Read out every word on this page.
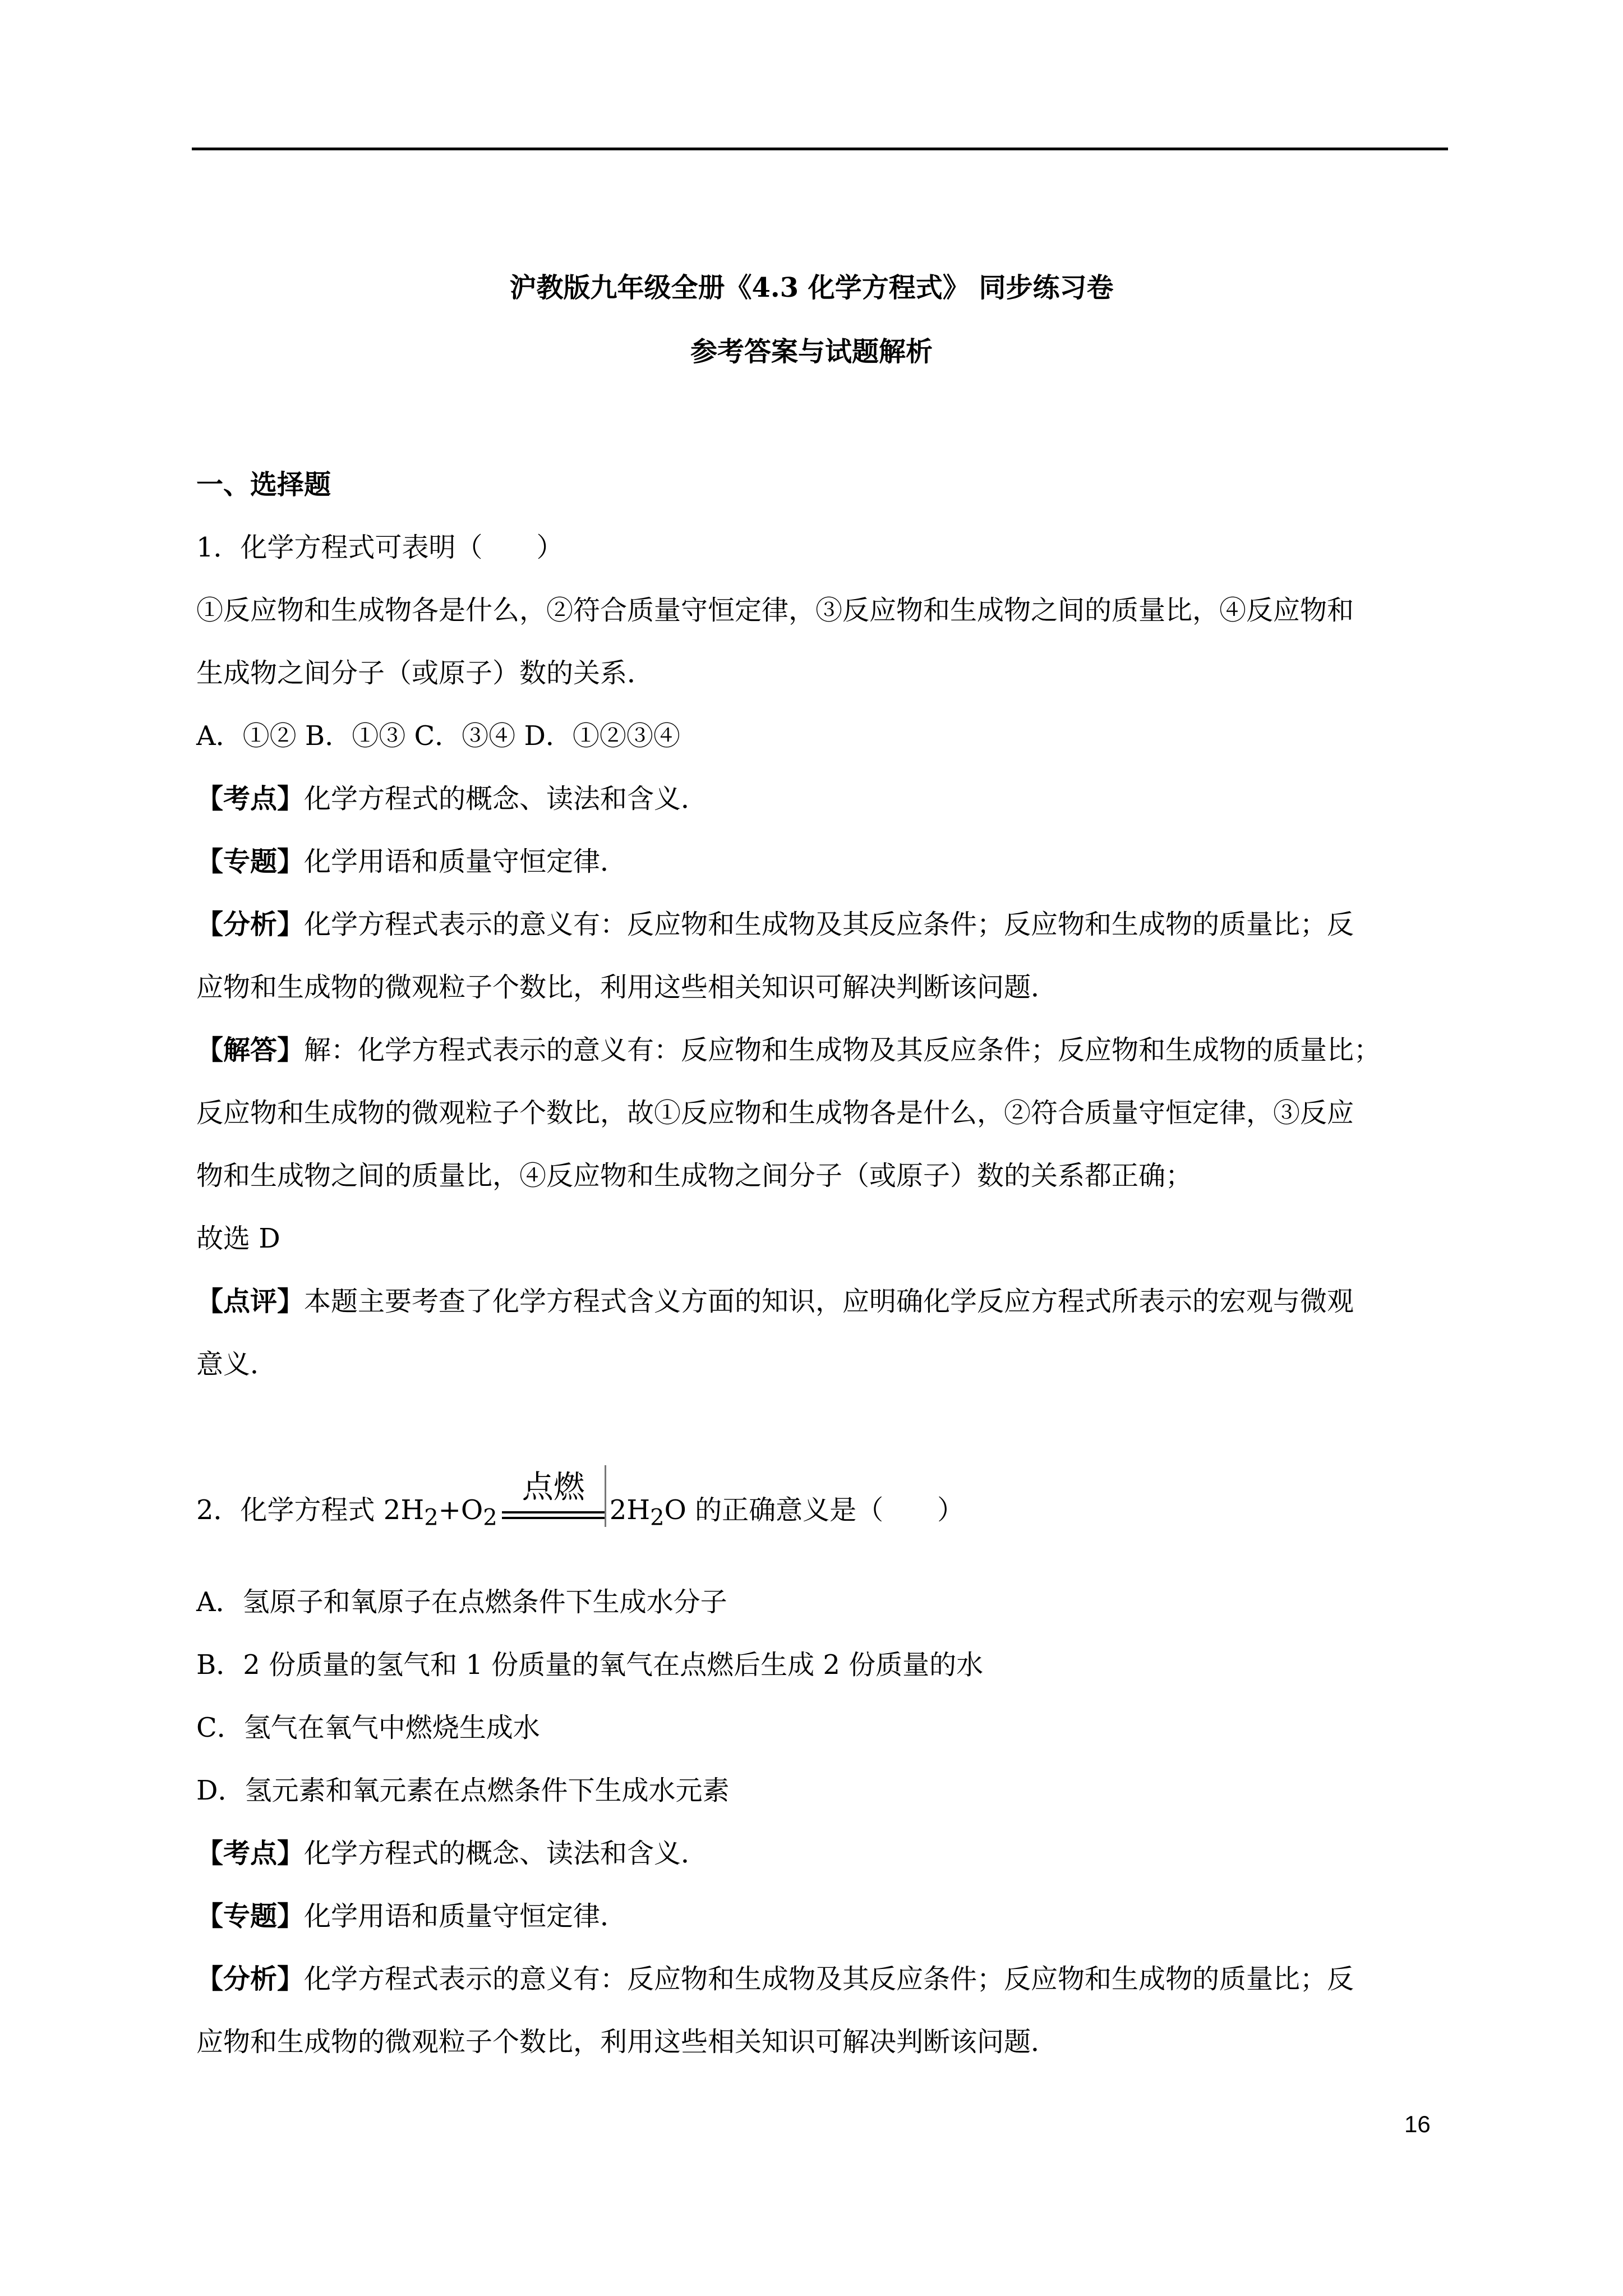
沪教版九年级全册《4.3 化学方程式》 同步练习卷
参考答案与试题解析
一、选择题
1．化学方程式可表明（　　）
①反应物和生成物各是什么，②符合质量守恒定律，③反应物和生成物之间的质量比，④反应物和
生成物之间分子（或原子）数的关系．
A．①② B．①③ C．③④ D．①②③④
【考点】化学方程式的概念、读法和含义．
【专题】化学用语和质量守恒定律．
【分析】化学方程式表示的意义有：反应物和生成物及其反应条件；反应物和生成物的质量比；反
应物和生成物的微观粒子个数比，利用这些相关知识可解决判断该问题．
【解答】解：化学方程式表示的意义有：反应物和生成物及其反应条件；反应物和生成物的质量比；
反应物和生成物的微观粒子个数比，故①反应物和生成物各是什么，②符合质量守恒定律，③反应
物和生成物之间的质量比，④反应物和生成物之间分子（或原子）数的关系都正确；
故选 D
【点评】本题主要考查了化学方程式含义方面的知识，应明确化学反应方程式所表示的宏观与微观
意义．
2．化学方程式 $2H_2+O_2$
点燃
$2H_2O$ 的正确意义是（　　）
A．氢原子和氧原子在点燃条件下生成水分子
B．2 份质量的氢气和 1 份质量的氧气在点燃后生成 2 份质量的水
C．氢气在氧气中燃烧生成水
D．氢元素和氧元素在点燃条件下生成水元素
【考点】化学方程式的概念、读法和含义．
【专题】化学用语和质量守恒定律．
【分析】化学方程式表示的意义有：反应物和生成物及其反应条件；反应物和生成物的质量比；反
应物和生成物的微观粒子个数比，利用这些相关知识可解决判断该问题．
16
